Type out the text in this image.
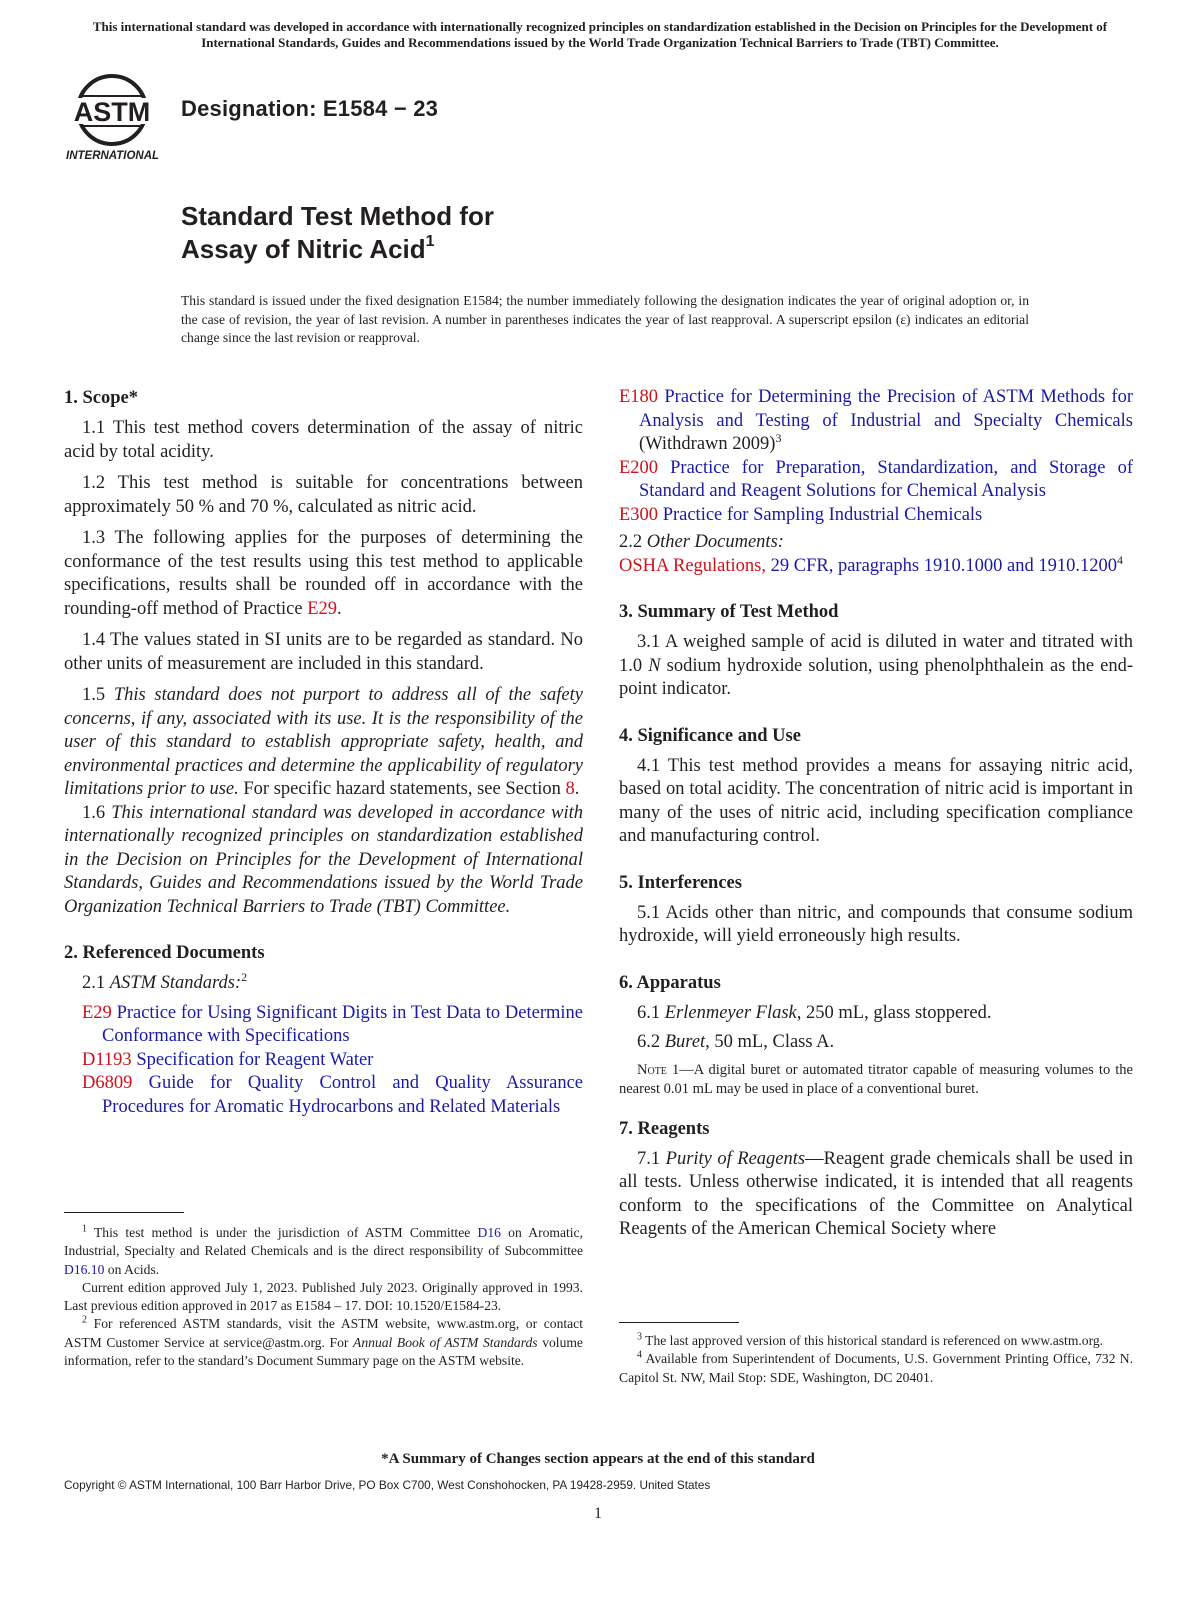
This international standard was developed in accordance with internationally recognized principles on standardization established in the Decision on Principles for the Development of International Standards, Guides and Recommendations issued by the World Trade Organization Technical Barriers to Trade (TBT) Committee.
ASTM
INTERNATIONAL
Designation: E1584 − 23
Standard Test Method for
Assay of Nitric Acid$^1$
This standard is issued under the fixed designation E1584; the number immediately following the designation indicates the year of original adoption or, in the case of revision, the year of last revision. A number in parentheses indicates the year of last reapproval. A superscript epsilon (ε) indicates an editorial change since the last revision or reapproval.
1. Scope*
1.1 This test method covers determination of the assay of nitric acid by total acidity.
1.2 This test method is suitable for concentrations between approximately 50 % and 70 %, calculated as nitric acid.
1.3 The following applies for the purposes of determining the conformance of the test results using this test method to applicable specifications, results shall be rounded off in accordance with the rounding-off method of Practice E29.
1.4 The values stated in SI units are to be regarded as standard. No other units of measurement are included in this standard.
1.5 This standard does not purport to address all of the safety concerns, if any, associated with its use. It is the responsibility of the user of this standard to establish appropriate safety, health, and environmental practices and determine the applicability of regulatory limitations prior to use. For specific hazard statements, see Section 8.
1.6 This international standard was developed in accordance with internationally recognized principles on standardization established in the Decision on Principles for the Development of International Standards, Guides and Recommendations issued by the World Trade Organization Technical Barriers to Trade (TBT) Committee.
2. Referenced Documents
2.1 ASTM Standards:$^2$
E29 Practice for Using Significant Digits in Test Data to Determine Conformance with Specifications
D1193 Specification for Reagent Water
D6809 Guide for Quality Control and Quality Assurance Procedures for Aromatic Hydrocarbons and Related Materials
E180 Practice for Determining the Precision of ASTM Methods for Analysis and Testing of Industrial and Specialty Chemicals (Withdrawn 2009)$^3$
E200 Practice for Preparation, Standardization, and Storage of Standard and Reagent Solutions for Chemical Analysis
E300 Practice for Sampling Industrial Chemicals
2.2 Other Documents:
OSHA Regulations, 29 CFR, paragraphs 1910.1000 and 1910.1200$^4$
3. Summary of Test Method
3.1 A weighed sample of acid is diluted in water and titrated with 1.0 N sodium hydroxide solution, using phenolphthalein as the end-point indicator.
4. Significance and Use
4.1 This test method provides a means for assaying nitric acid, based on total acidity. The concentration of nitric acid is important in many of the uses of nitric acid, including specification compliance and manufacturing control.
5. Interferences
5.1 Acids other than nitric, and compounds that consume sodium hydroxide, will yield erroneously high results.
6. Apparatus
6.1 Erlenmeyer Flask, 250 mL, glass stoppered.
6.2 Buret, 50 mL, Class A.
Note 1—A digital buret or automated titrator capable of measuring volumes to the nearest 0.01 mL may be used in place of a conventional buret.
7. Reagents
7.1 Purity of Reagents—Reagent grade chemicals shall be used in all tests. Unless otherwise indicated, it is intended that all reagents conform to the specifications of the Committee on Analytical Reagents of the American Chemical Society where
$^1$ This test method is under the jurisdiction of ASTM Committee D16 on Aromatic, Industrial, Specialty and Related Chemicals and is the direct responsibility of Subcommittee D16.10 on Acids.
Current edition approved July 1, 2023. Published July 2023. Originally approved in 1993. Last previous edition approved in 2017 as E1584 – 17. DOI: 10.1520/E1584-23.
$^2$ For referenced ASTM standards, visit the ASTM website, www.astm.org, or contact ASTM Customer Service at service@astm.org. For Annual Book of ASTM Standards volume information, refer to the standard’s Document Summary page on the ASTM website.
$^3$ The last approved version of this historical standard is referenced on www.astm.org.
$^4$ Available from Superintendent of Documents, U.S. Government Printing Office, 732 N. Capitol St. NW, Mail Stop: SDE, Washington, DC 20401.
*A Summary of Changes section appears at the end of this standard
Copyright © ASTM International, 100 Barr Harbor Drive, PO Box C700, West Conshohocken, PA 19428-2959. United States
1
